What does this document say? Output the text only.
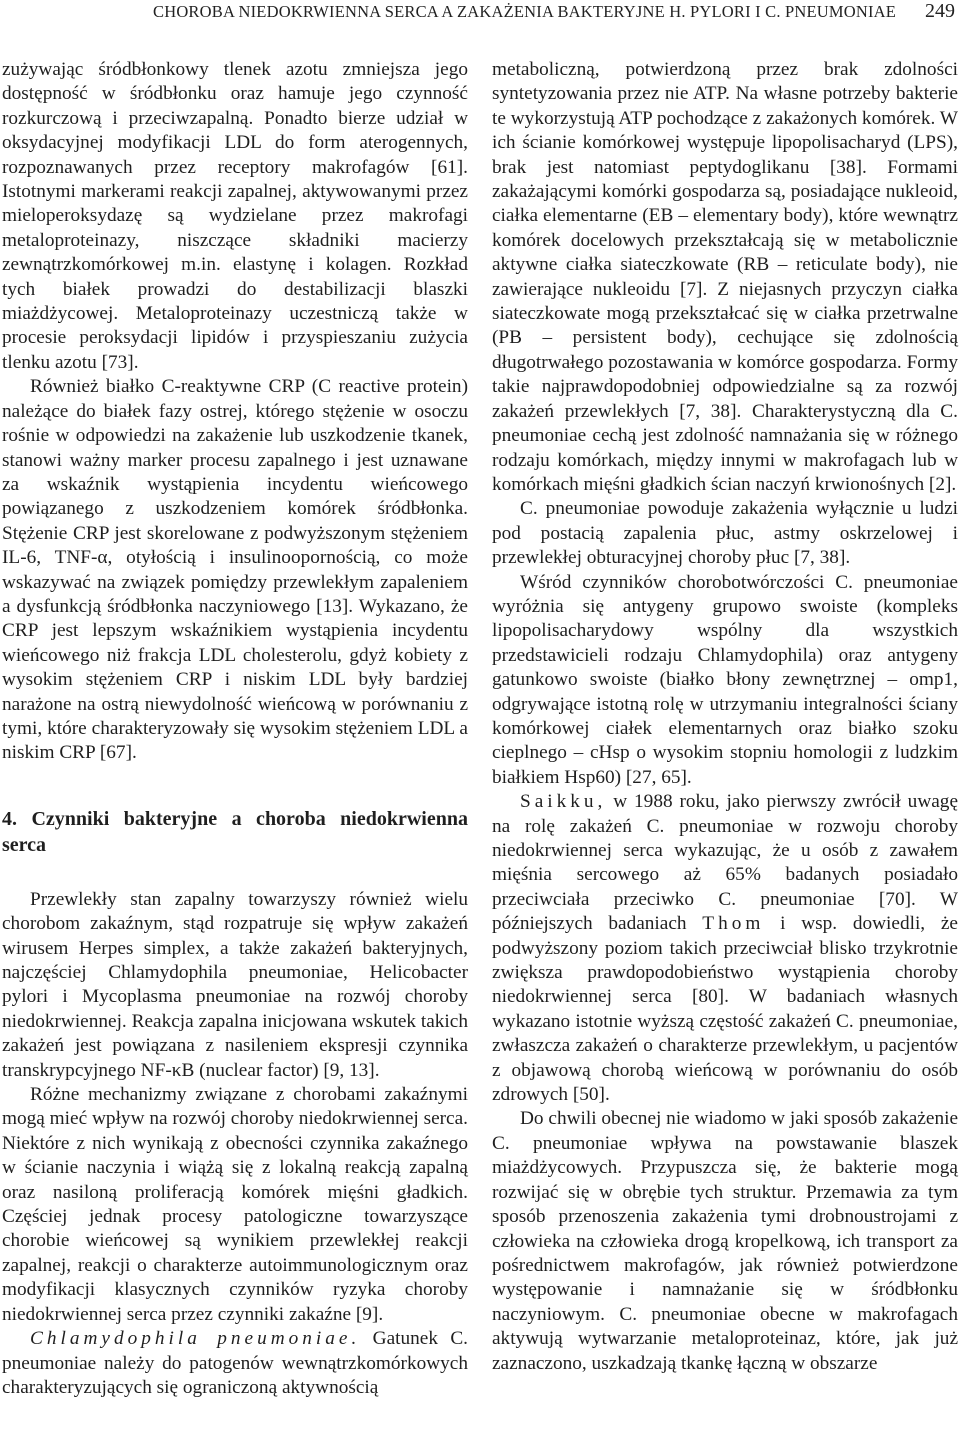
CHOROBA NIEDOKRWIENNA SERCA A ZAKAŻENIA BAKTERYJNE H. PYLORI I C. PNEUMONIAE 249

zużywając śródbłonkowy tlenek azotu zmniejsza jego dostępność w śródbłonku oraz hamuje jego czynność rozkurczową i przeciwzapalną. Ponadto bierze udział w oksydacyjnej modyfikacji LDL do form aterogennych, rozpoznawanych przez receptory makrofagów [61]. Istotnymi markerami reakcji zapalnej, aktywowanymi przez mieloperoksydazę są wydzielane przez makrofagi metaloproteinazy, niszczące składniki macierzy zewnątrzkomórkowej m.in. elastynę i kolagen. Rozkład tych białek prowadzi do destabilizacji blaszki miażdżycowej. Metaloproteinazy uczestniczą także w procesie peroksydacji lipidów i przyspieszaniu zużycia tlenku azotu [73].

Również białko C-reaktywne CRP (C reactive protein) należące do białek fazy ostrej, którego stężenie w osoczu rośnie w odpowiedzi na zakażenie lub uszkodzenie tkanek, stanowi ważny marker procesu zapalnego i jest uznawane za wskaźnik wystąpienia incydentu wieńcowego powiązanego z uszkodzeniem komórek śródbłonka. Stężenie CRP jest skorelowane z podwyższonym stężeniem IL-6, TNF-α, otyłością i insulinoopornością, co może wskazywać na związek pomiędzy przewlekłym zapaleniem a dysfunkcją śródbłonka naczyniowego [13]. Wykazano, że CRP jest lepszym wskaźnikiem wystąpienia incydentu wieńcowego niż frakcja LDL cholesterolu, gdyż kobiety z wysokim stężeniem CRP i niskim LDL były bardziej narażone na ostrą niewydolność wieńcową w porównaniu z tymi, które charakteryzowały się wysokim stężeniem LDL a niskim CRP [67].

4. Czynniki bakteryjne a choroba niedokrwienna serca

Przewlekły stan zapalny towarzyszy również wielu chorobom zakaźnym, stąd rozpatruje się wpływ zakażeń wirusem Herpes simplex, a także zakażeń bakteryjnych, najczęściej Chlamydophila pneumoniae, Helicobacter pylori i Mycoplasma pneumoniae na rozwój choroby niedokrwiennej. Reakcja zapalna inicjowana wskutek takich zakażeń jest powiązana z nasileniem ekspresji czynnika transkrypcyjnego NF-κB (nuclear factor) [9, 13].

Różne mechanizmy związane z chorobami zakaźnymi mogą mieć wpływ na rozwój choroby niedokrwiennej serca. Niektóre z nich wynikają z obecności czynnika zakaźnego w ścianie naczynia i wiążą się z lokalną reakcją zapalną oraz nasiloną proliferacją komórek mięśni gładkich. Częściej jednak procesy patologiczne towarzyszące chorobie wieńcowej są wynikiem przewlekłej reakcji zapalnej, reakcji o charakterze autoimmunologicznym oraz modyfikacji klasycznych czynników ryzyka choroby niedokrwiennej serca przez czynniki zakaźne [9].

Chlamydophila pneumoniae. Gatunek C. pneumoniae należy do patogenów wewnątrzkomórkowych charakteryzujących się ograniczoną aktywnością

metaboliczną, potwierdzoną przez brak zdolności syntetyzowania przez nie ATP. Na własne potrzeby bakterie te wykorzystują ATP pochodzące z zakażonych komórek. W ich ścianie komórkowej występuje lipopolisacharyd (LPS), brak jest natomiast peptydoglikanu [38]. Formami zakażającymi komórki gospodarza są, posiadające nukleoid, ciałka elementarne (EB – elementary body), które wewnątrz komórek docelowych przekształcają się w metabolicznie aktywne ciałka siateczkowate (RB – reticulate body), nie zawierające nukleoidu [7]. Z niejasnych przyczyn ciałka siateczkowate mogą przekształcać się w ciałka przetrwalne (PB – persistent body), cechujące się zdolnością długotrwałego pozostawania w komórce gospodarza. Formy takie najprawdopodobniej odpowiedzialne są za rozwój zakażeń przewlekłych [7, 38]. Charakterystyczną dla C. pneumoniae cechą jest zdolność namnażania się w różnego rodzaju komórkach, między innymi w makrofagach lub w komórkach mięśni gładkich ścian naczyń krwionośnych [2].

C. pneumoniae powoduje zakażenia wyłącznie u ludzi pod postacią zapalenia płuc, astmy oskrzelowej i przewlekłej obturacyjnej choroby płuc [7, 38].

Wśród czynników chorobotwórczości C. pneumoniae wyróżnia się antygeny grupowo swoiste (kompleks lipopolisacharydowy wspólny dla wszystkich przedstawicieli rodzaju Chlamydophila) oraz antygeny gatunkowo swoiste (białko błony zewnętrznej – omp1, odgrywające istotną rolę w utrzymaniu integralności ściany komórkowej ciałek elementarnych oraz białko szoku cieplnego – cHsp o wysokim stopniu homologii z ludzkim białkiem Hsp60) [27, 65].

Saikku, w 1988 roku, jako pierwszy zwrócił uwagę na rolę zakażeń C. pneumoniae w rozwoju choroby niedokrwiennej serca wykazując, że u osób z zawałem mięśnia sercowego aż 65% badanych posiadało przeciwciała przeciwko C. pneumoniae [70]. W późniejszych badaniach Thom i wsp. dowiedli, że podwyższony poziom takich przeciwciał blisko trzykrotnie zwiększa prawdopodobieństwo wystąpienia choroby niedokrwiennej serca [80]. W badaniach własnych wykazano istotnie wyższą częstość zakażeń C. pneumoniae, zwłaszcza zakażeń o charakterze przewlekłym, u pacjentów z objawową chorobą wieńcową w porównaniu do osób zdrowych [50].

Do chwili obecnej nie wiadomo w jaki sposób zakażenie C. pneumoniae wpływa na powstawanie blaszek miażdżycowych. Przypuszcza się, że bakterie mogą rozwijać się w obrębie tych struktur. Przemawia za tym sposób przenoszenia zakażenia tymi drobnoustrojami z człowieka na człowieka drogą kropelkową, ich transport za pośrednictwem makrofagów, jak również potwierdzone występowanie i namnażanie się w śródbłonku naczyniowym. C. pneumoniae obecne w makrofagach aktywują wytwarzanie metaloproteinaz, które, jak już zaznaczono, uszkadzają tkankę łączną w obszarze
